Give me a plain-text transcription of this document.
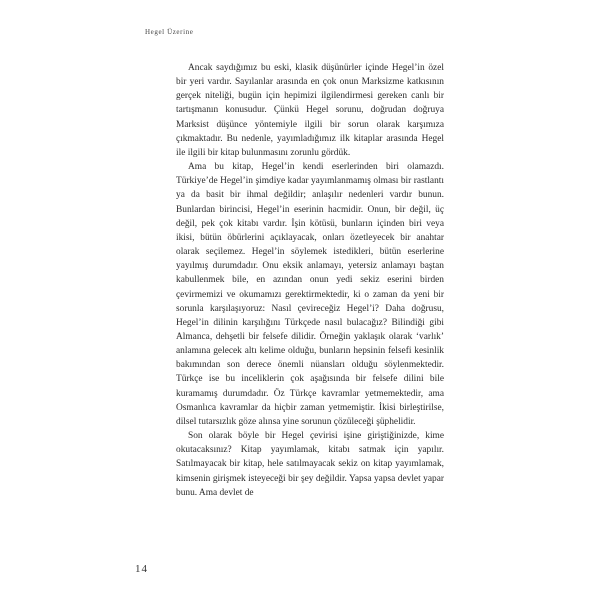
Hegel Üzerine

Ancak saydığımız bu eski, klasik düşünürler içinde Hegel’in özel bir yeri vardır. Sayılanlar arasında en çok onun Marksizme katkısının gerçek niteliği, bugün için hepimizi ilgilendirmesi gereken canlı bir tartışmanın konusudur. Çünkü Hegel sorunu, doğrudan doğruya Marksist düşünce yöntemiyle ilgili bir sorun olarak karşımıza çıkmaktadır. Bu nedenle, yayımladığımız ilk kitaplar arasında Hegel ile ilgili bir kitap bulunmasını zorunlu gördük.

Ama bu kitap, Hegel’in kendi eserlerinden biri olamazdı. Türkiye’de Hegel’in şimdiye kadar yayımlanmamış olması bir rastlantı ya da basit bir ihmal değildir; anlaşılır nedenleri vardır bunun. Bunlardan birincisi, Hegel’in eserinin hacmidir. Onun, bir değil, üç değil, pek çok kitabı vardır. İşin kötüsü, bunların içinden biri veya ikisi, bütün öbürlerini açıklayacak, onları özetleyecek bir anahtar olarak seçilemez. Hegel’in söylemek istedikleri, bütün eserlerine yayılmış durumdadır. Onu eksik anlamayı, yetersiz anlamayı baştan kabullenmek bile, en azından onun yedi sekiz eserini birden çevirmemizi ve okumamızı gerektirmektedir, ki o zaman da yeni bir sorunla karşılaşıyoruz: Nasıl çevireceğiz Hegel’i? Daha doğrusu, Hegel’in dilinin karşılığını Türkçede nasıl bulacağız? Bilindiği gibi Almanca, dehşetli bir felsefe dilidir. Örneğin yaklaşık olarak ‘varlık’ anlamına gelecek altı kelime olduğu, bunların hepsinin felsefi kesinlik bakımından son derece önemli nüansları olduğu söylenmektedir. Türkçe ise bu inceliklerin çok aşağısında bir felsefe dilini bile kuramamış durumdadır. Öz Türkçe kavramlar yetmemektedir, ama Osmanlıca kavramlar da hiçbir zaman yetmemiştir. İkisi birleştirilse, dilsel tutarsızlık göze alınsa yine sorunun çözüleceği şüphelidir.

Son olarak böyle bir Hegel çevirisi işine giriştiğinizde, kime okutacaksınız? Kitap yayımlamak, kitabı satmak için yapılır. Satılmayacak bir kitap, hele satılmayacak sekiz on kitap yayımlamak, kimsenin girişmek isteyeceği bir şey değildir. Yapsa yapsa devlet yapar bunu. Ama devlet de

14
